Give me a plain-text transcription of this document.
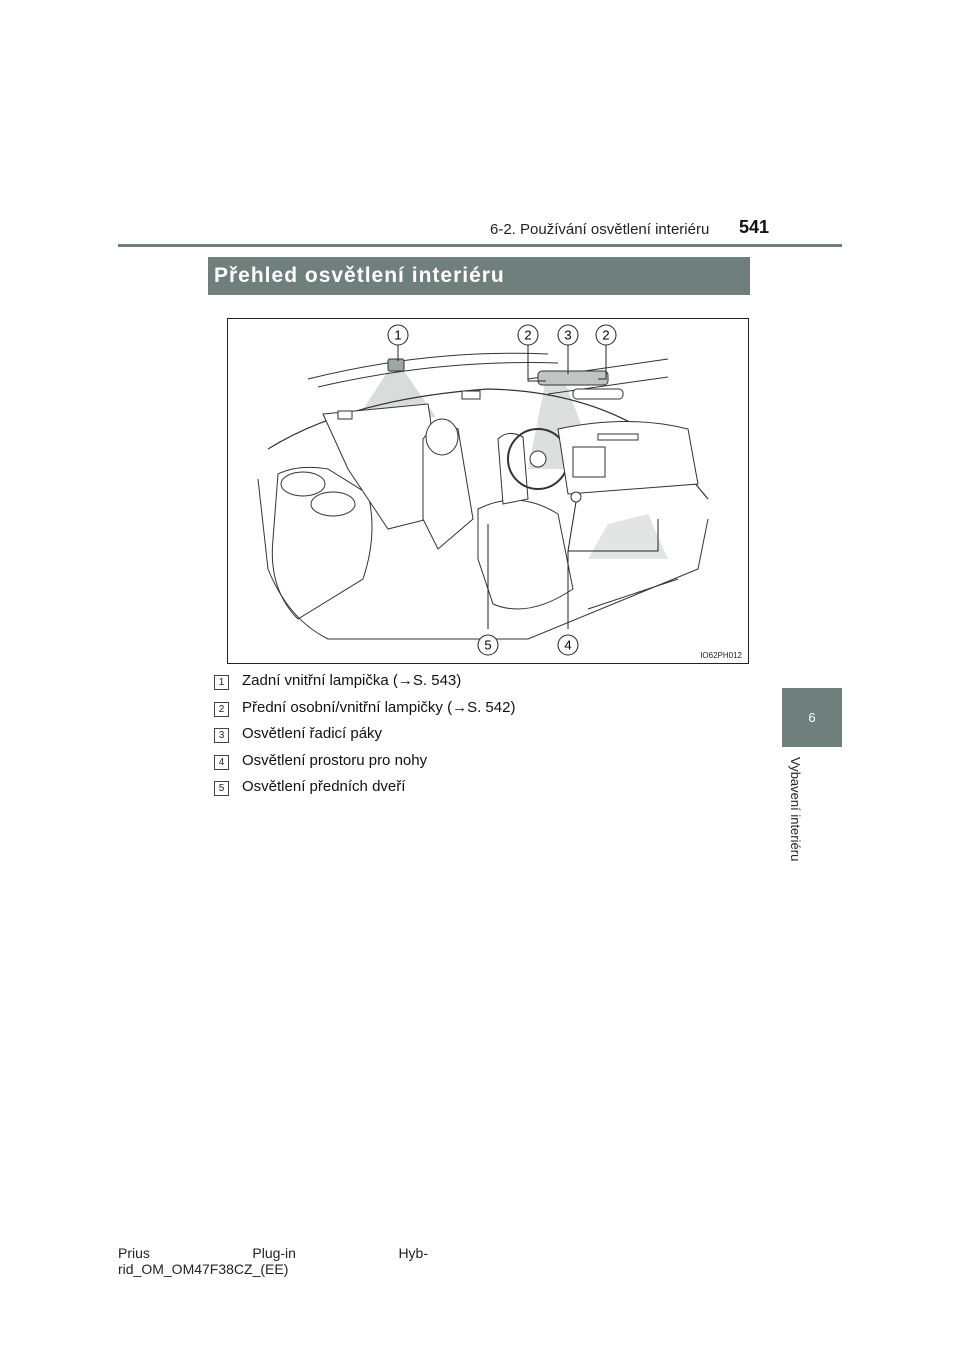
6-2. Používání osvětlení interiéru 541
6
Vybavení interiéru
Přehled osvětlení interiéru
1	2	3 2
5	4
IO62PH012
1	Zadní vnitřní lampička (→S. 543)
2	Přední osobní/vnitřní lampičky (→S. 542)
3	Osvětlení řadicí páky
4	Osvětlení prostoru pro nohy
5	Osvětlení předních dveří
Prius	Plug-in	Hyb-
rid_OM_OM47F38CZ_(EE)
